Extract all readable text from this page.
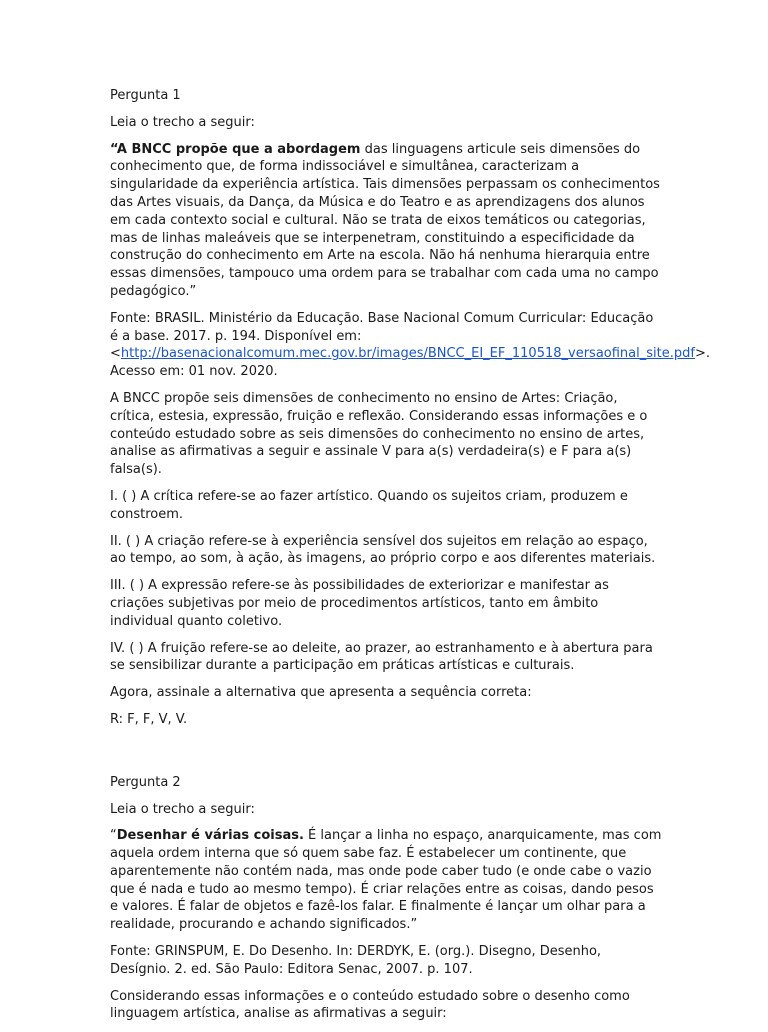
Pergunta 1

Leia o trecho a seguir:

“A BNCC propõe que a abordagem das linguagens articule seis dimensões do conhecimento que, de forma indissociável e simultânea, caracterizam a singularidade da experiência artística. Tais dimensões perpassam os conhecimentos das Artes visuais, da Dança, da Música e do Teatro e as aprendizagens dos alunos em cada contexto social e cultural. Não se trata de eixos temáticos ou categorias, mas de linhas maleáveis que se interpenetram, constituindo a especificidade da construção do conhecimento em Arte na escola. Não há nenhuma hierarquia entre essas dimensões, tampouco uma ordem para se trabalhar com cada uma no campo pedagógico.”

Fonte: BRASIL. Ministério da Educação. Base Nacional Comum Curricular: Educação é a base. 2017. p. 194. Disponível em: <http://basenacionalcomum.mec.gov.br/images/BNCC_EI_EF_110518_versaofinal_site.pdf>. Acesso em: 01 nov. 2020.

A BNCC propõe seis dimensões de conhecimento no ensino de Artes: Criação, crítica, estesia, expressão, fruição e reflexão. Considerando essas informações e o conteúdo estudado sobre as seis dimensões do conhecimento no ensino de artes, analise as afirmativas a seguir e assinale V para a(s) verdadeira(s) e F para a(s) falsa(s).

I. ( ) A crítica refere-se ao fazer artístico. Quando os sujeitos criam, produzem e constroem.

II. ( ) A criação refere-se à experiência sensível dos sujeitos em relação ao espaço, ao tempo, ao som, à ação, às imagens, ao próprio corpo e aos diferentes materiais.

III. ( ) A expressão refere-se às possibilidades de exteriorizar e manifestar as criações subjetivas por meio de procedimentos artísticos, tanto em âmbito individual quanto coletivo.

IV. ( ) A fruição refere-se ao deleite, ao prazer, ao estranhamento e à abertura para se sensibilizar durante a participação em práticas artísticas e culturais.

Agora, assinale a alternativa que apresenta a sequência correta:

R: F, F, V, V.

Pergunta 2

Leia o trecho a seguir:

“Desenhar é várias coisas. É lançar a linha no espaço, anarquicamente, mas com aquela ordem interna que só quem sabe faz. É estabelecer um continente, que aparentemente não contém nada, mas onde pode caber tudo (e onde cabe o vazio que é nada e tudo ao mesmo tempo). É criar relações entre as coisas, dando pesos e valores. É falar de objetos e fazê-los falar. E finalmente é lançar um olhar para a realidade, procurando e achando significados.”

Fonte: GRINSPUM, E. Do Desenho. In: DERDYK, E. (org.). Disegno, Desenho, Desígnio. 2. ed. São Paulo: Editora Senac, 2007. p. 107.

Considerando essas informações e o conteúdo estudado sobre o desenho como linguagem artística, analise as afirmativas a seguir:
